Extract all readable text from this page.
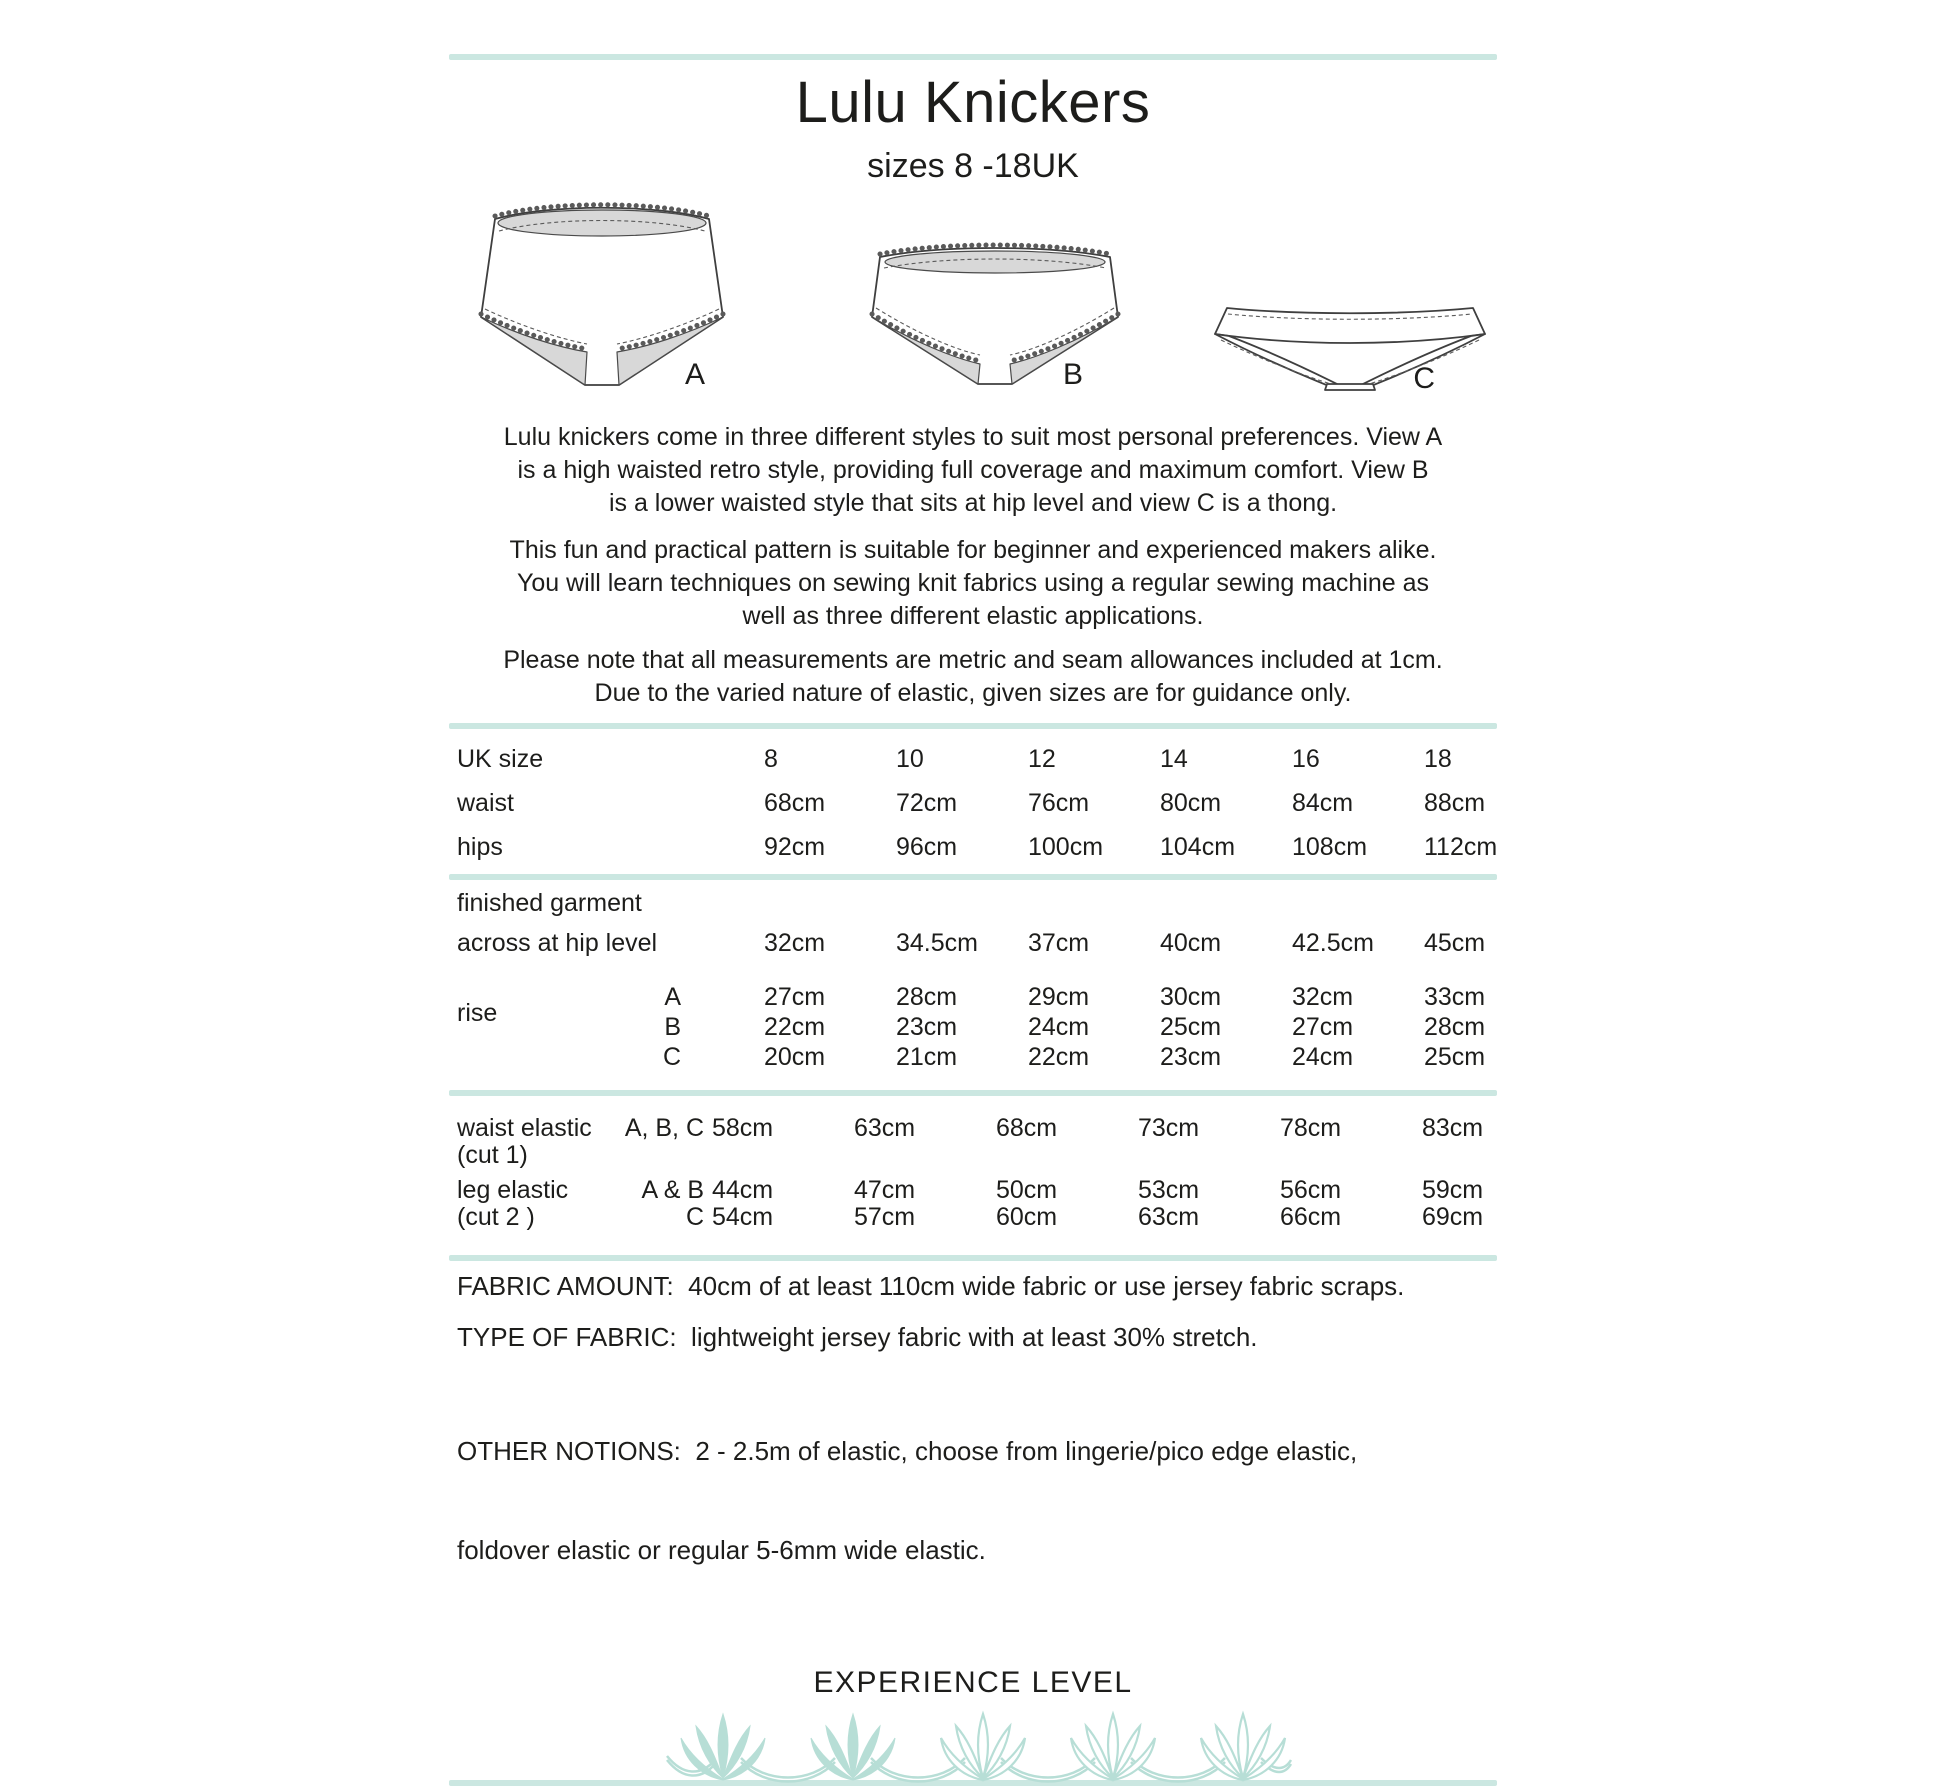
Lulu Knickers
sizes 8 -18UK
A	B	C
Lulu knickers come in three different styles to suit most personal preferences. View A
is a high waisted retro style, providing full coverage and maximum comfort. View B
is a lower waisted style that sits at hip level and view C is a thong.
This fun and practical pattern is suitable for beginner and experienced makers alike.
You will learn techniques on sewing knit fabrics using a regular sewing machine as
well as three different elastic applications.
Please note that all measurements are metric and seam allowances included at 1cm.
Due to the varied nature of elastic, given sizes are for guidance only.
UK size	8	10	12	14	16	18
waist	68cm	72cm	76cm	80cm	84cm	88cm
hips	92cm	96cm	100cm	104cm	108cm	112cm
finished garment
across at hip level	32cm	34.5cm	37cm	40cm	42.5cm	45cm
rise
A	27cm	28cm	29cm	30cm	32cm	33cm
B	22cm	23cm	24cm	25cm	27cm	28cm
C	20cm	21cm	22cm	23cm	24cm	25cm
waist elastic	A, B, C 58cm	63cm	68cm	73cm	78cm	83cm
(cut 1)
leg elastic	A & B 44cm	47cm	50cm	53cm	56cm	59cm
(cut 2 )	C 54cm	57cm	60cm	63cm	66cm	69cm
FABRIC AMOUNT:  40cm of at least 110cm wide fabric or use jersey fabric scraps.
TYPE OF FABRIC:  lightweight jersey fabric with at least 30% stretch.

OTHER NOTIONS:  2 - 2.5m of elastic, choose from lingerie/pico edge elastic,

foldover elastic or regular 5-6mm wide elastic.

EXPERIENCE LEVEL
